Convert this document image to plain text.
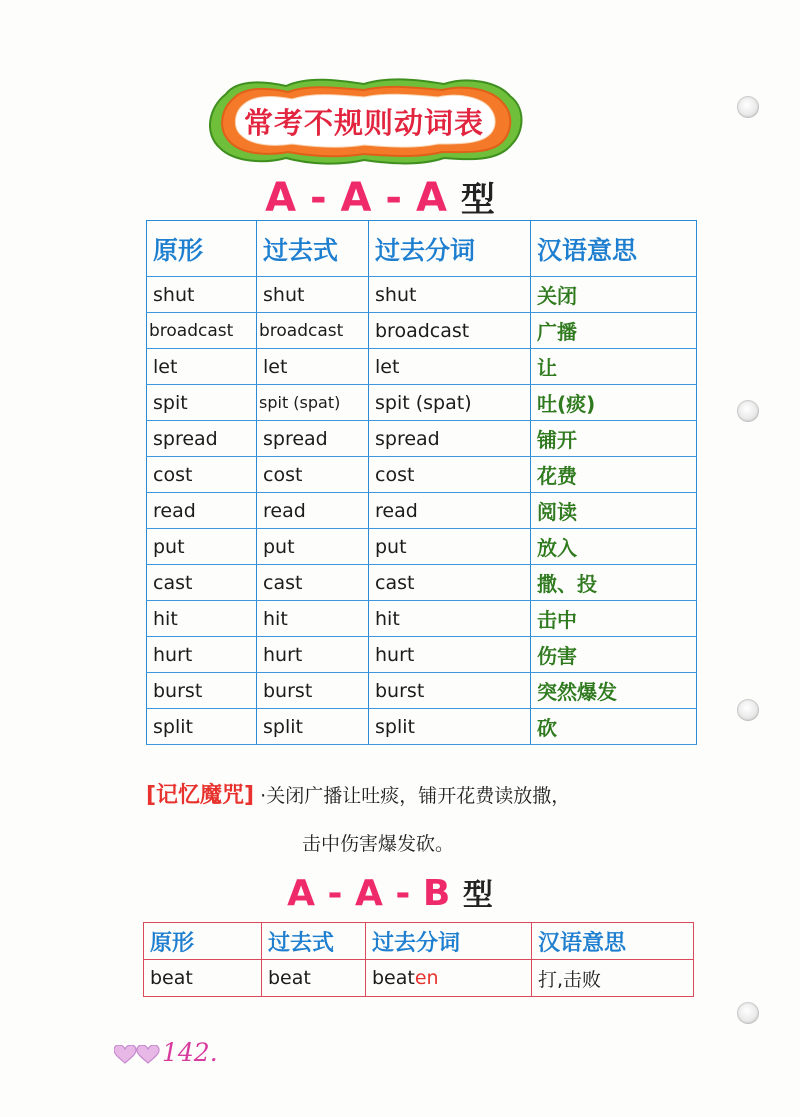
常考不规则动词表
A - A - A 型
原形	过去式	过去分词	汉语意思
shut	shut	shut	关闭
broadcast	broadcast	broadcast	广播
let	let	let	让
spit	spit (spat)	spit (spat)	吐(痰)
spread	spread	spread	铺开
cost	cost	cost	花费
read	read	read	阅读
put	put	put	放入
cast	cast	cast	撒、投
hit	hit	hit	击中
hurt	hurt	hurt	伤害
burst	burst	burst	突然爆发
split	split	split	砍
[记忆魔咒] ·关闭广播让吐痰，铺开花费读放撒，
击中伤害爆发砍。
A - A - B 型
原形	过去式	过去分词	汉语意思
beat	beat	beaten	打,击败
142.
